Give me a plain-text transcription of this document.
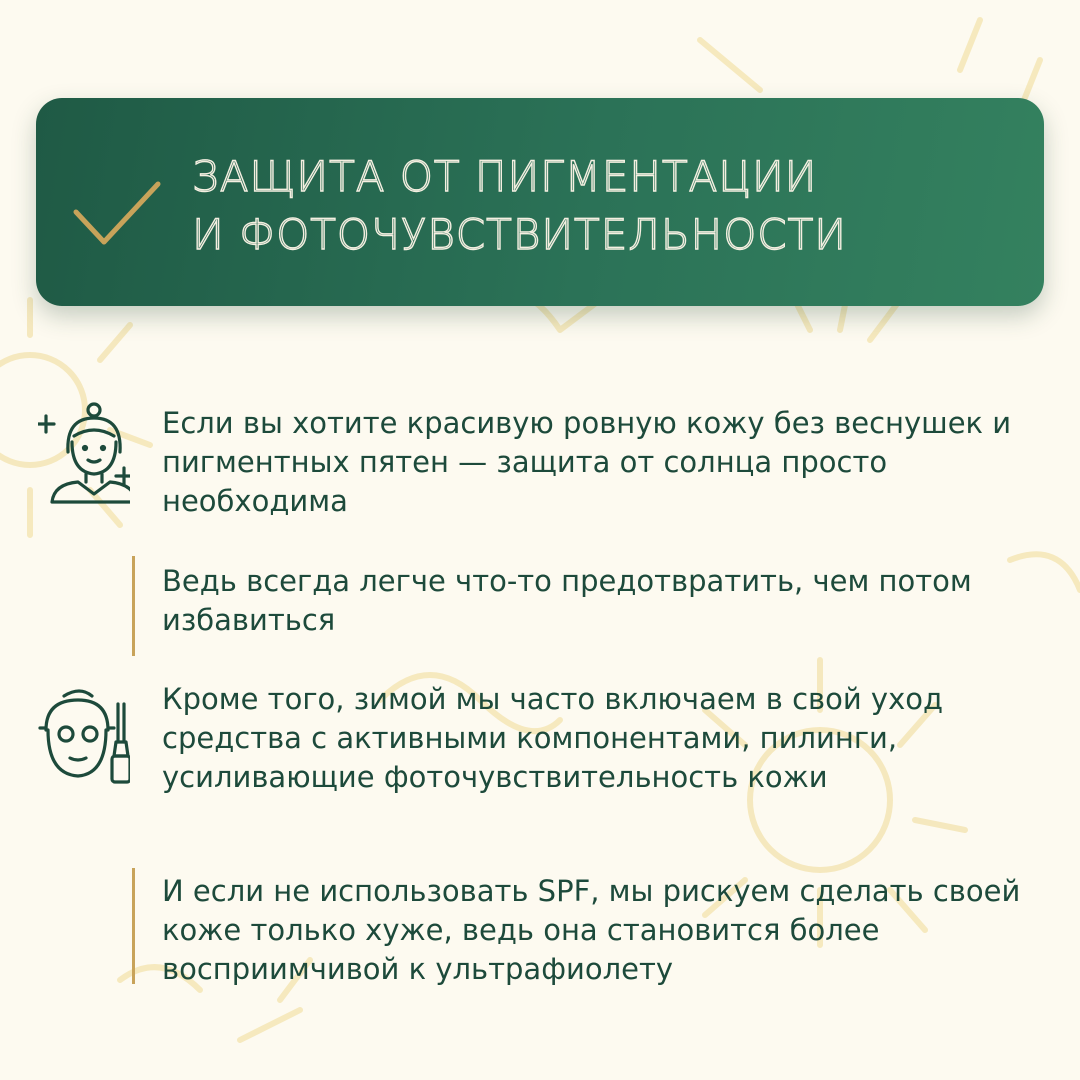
ЗАЩИТА ОТ ПИГМЕНТАЦИИ
И ФОТОЧУВСТВИТЕЛЬНОСТИ

Если вы хотите красивую ровную кожу без веснушек и пигментных пятен — защита от солнца просто необходима

Ведь всегда легче что-то предотвратить, чем потом избавиться

Кроме того, зимой мы часто включаем в свой уход средства с активными компонентами, пилинги, усиливающие фоточувствительность кожи

И если не использовать SPF, мы рискуем сделать своей коже только хуже, ведь она становится более восприимчивой к ультрафиолету
